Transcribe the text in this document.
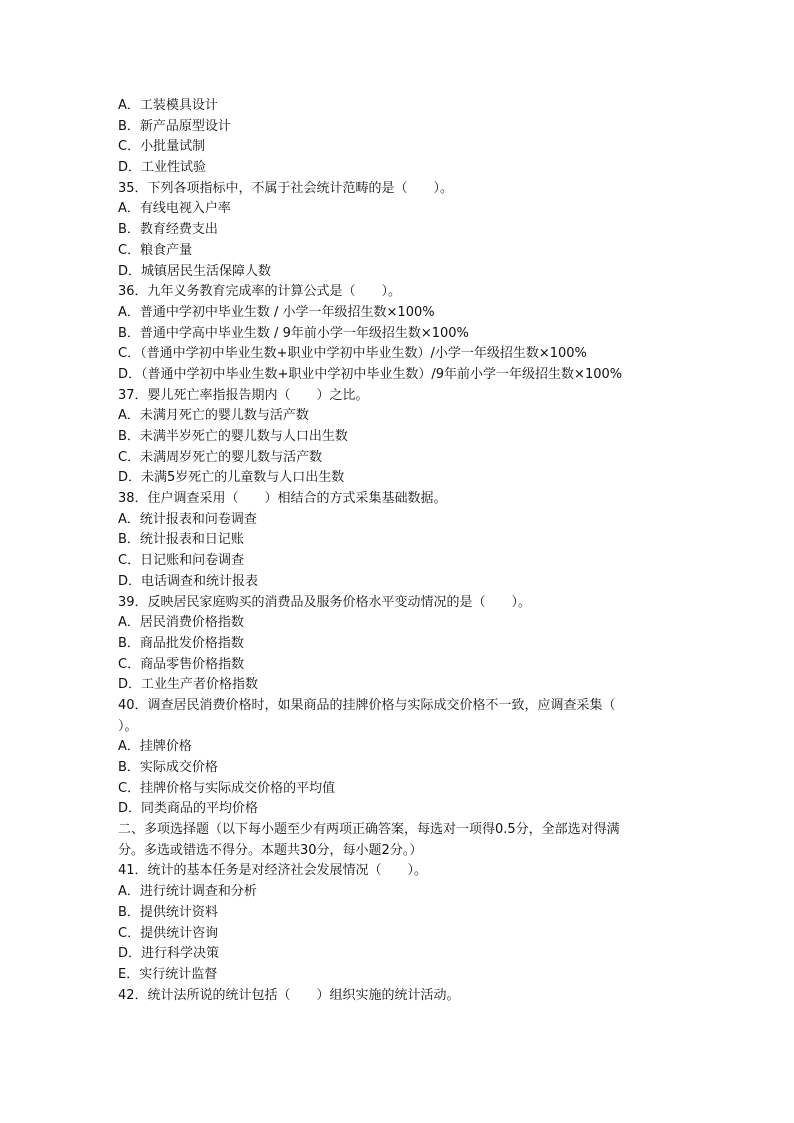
A．工装模具设计
B．新产品原型设计
C．小批量试制
D．工业性试验
35．下列各项指标中，不属于社会统计范畴的是（　　）。
A．有线电视入户率
B．教育经费支出
C．粮食产量
D．城镇居民生活保障人数
36．九年义务教育完成率的计算公式是（　　）。
A．普通中学初中毕业生数 / 小学一年级招生数×100%
B．普通中学高中毕业生数 / 9年前小学一年级招生数×100%
C．（普通中学初中毕业生数+职业中学初中毕业生数）/小学一年级招生数×100%
D．（普通中学初中毕业生数+职业中学初中毕业生数）/9年前小学一年级招生数×100%
37．婴儿死亡率指报告期内（　　）之比。
A．未满月死亡的婴儿数与活产数
B．未满半岁死亡的婴儿数与人口出生数
C．未满周岁死亡的婴儿数与活产数
D．未满5岁死亡的儿童数与人口出生数
38．住户调查采用（　　）相结合的方式采集基础数据。
A．统计报表和问卷调查
B．统计报表和日记账
C．日记账和问卷调查
D．电话调查和统计报表
39．反映居民家庭购买的消费品及服务价格水平变动情况的是（　　）。
A．居民消费价格指数
B．商品批发价格指数
C．商品零售价格指数
D．工业生产者价格指数
40．调查居民消费价格时，如果商品的挂牌价格与实际成交价格不一致，应调查采集（
）。
A．挂牌价格
B．实际成交价格
C．挂牌价格与实际成交价格的平均值
D．同类商品的平均价格
二、多项选择题（以下每小题至少有两项正确答案，每选对一项得0.5分，全部选对得满
分。多选或错选不得分。本题共30分，每小题2分。）
41．统计的基本任务是对经济社会发展情况（　　）。
A．进行统计调查和分析
B．提供统计资料
C．提供统计咨询
D．进行科学决策
E．实行统计监督
42．统计法所说的统计包括（　　）组织实施的统计活动。
